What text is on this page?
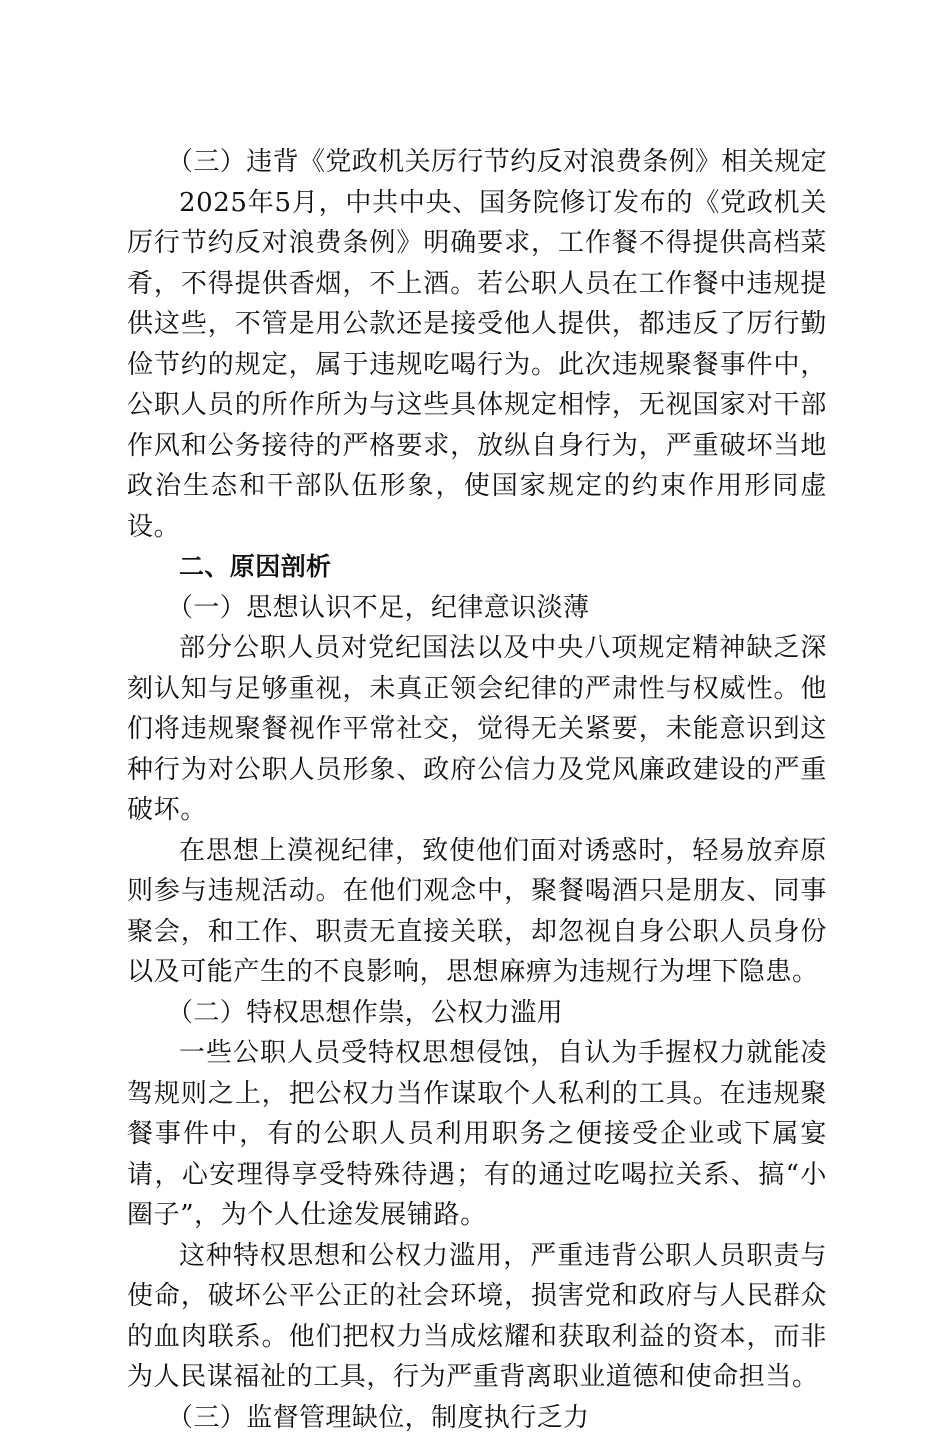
（三）违背《党政机关厉行节约反对浪费条例》相关规定

2025年5月，中共中央、国务院修订发布的《党政机关厉行节约反对浪费条例》明确要求，工作餐不得提供高档菜肴，不得提供香烟，不上酒。若公职人员在工作餐中违规提供这些，不管是用公款还是接受他人提供，都违反了厉行勤俭节约的规定，属于违规吃喝行为。此次违规聚餐事件中，公职人员的所作所为与这些具体规定相悖，无视国家对干部作风和公务接待的严格要求，放纵自身行为，严重破坏当地政治生态和干部队伍形象，使国家规定的约束作用形同虚设。

二、原因剖析

（一）思想认识不足，纪律意识淡薄

部分公职人员对党纪国法以及中央八项规定精神缺乏深刻认知与足够重视，未真正领会纪律的严肃性与权威性。他们将违规聚餐视作平常社交，觉得无关紧要，未能意识到这种行为对公职人员形象、政府公信力及党风廉政建设的严重破坏。

在思想上漠视纪律，致使他们面对诱惑时，轻易放弃原则参与违规活动。在他们观念中，聚餐喝酒只是朋友、同事聚会，和工作、职责无直接关联，却忽视自身公职人员身份以及可能产生的不良影响，思想麻痹为违规行为埋下隐患。

（二）特权思想作祟，公权力滥用

一些公职人员受特权思想侵蚀，自认为手握权力就能凌驾规则之上，把公权力当作谋取个人私利的工具。在违规聚餐事件中，有的公职人员利用职务之便接受企业或下属宴请，心安理得享受特殊待遇；有的通过吃喝拉关系、搞“小圈子”，为个人仕途发展铺路。

这种特权思想和公权力滥用，严重违背公职人员职责与使命，破坏公平公正的社会环境，损害党和政府与人民群众的血肉联系。他们把权力当成炫耀和获取利益的资本，而非为人民谋福祉的工具，行为严重背离职业道德和使命担当。

（三）监督管理缺位，制度执行乏力
